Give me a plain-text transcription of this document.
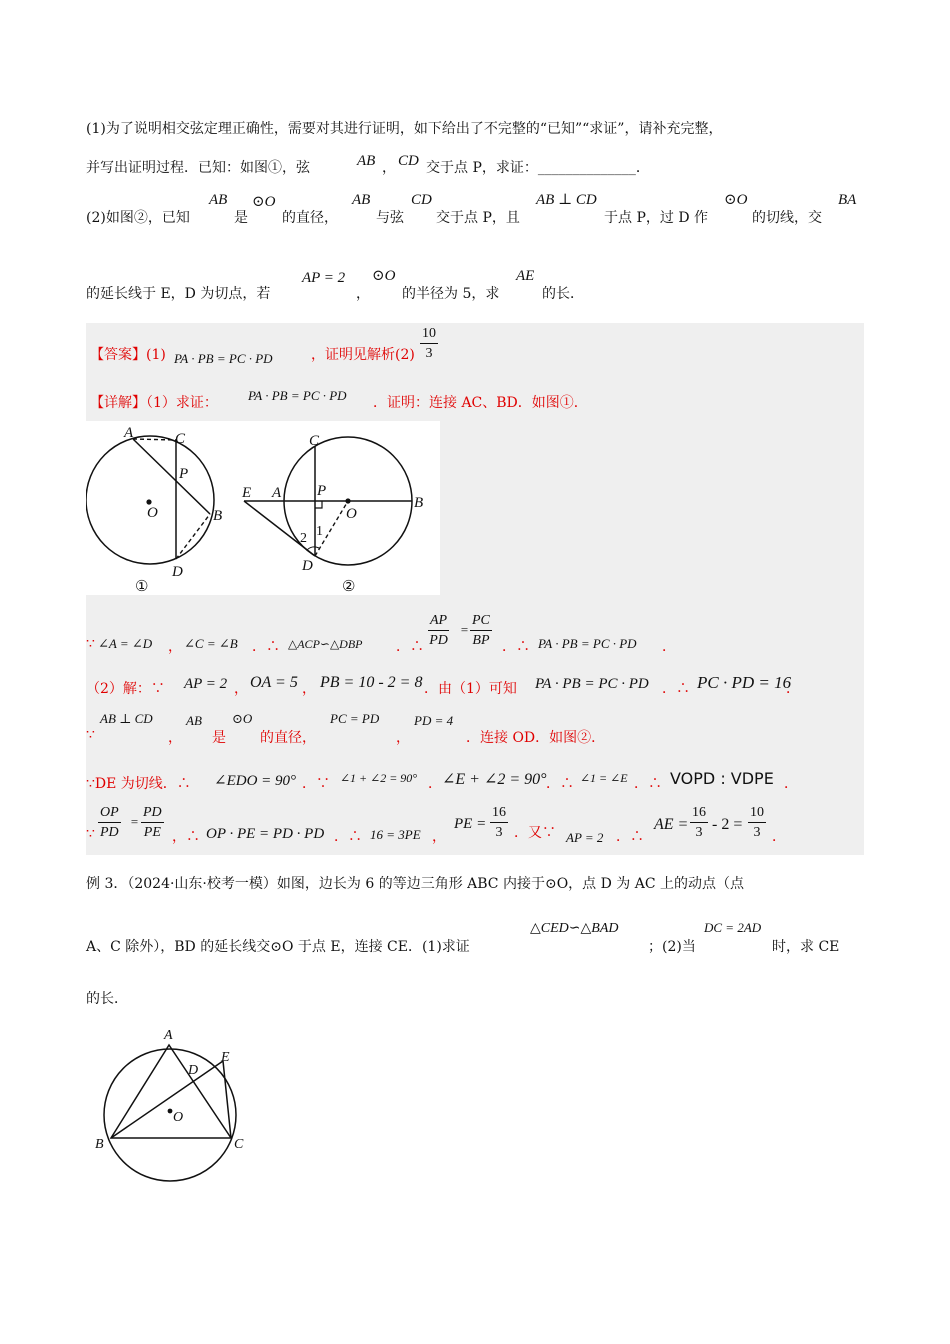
(1)为了说明相交弦定理正确性，需要对其进行证明，如下给出了不完整的“已知”“求证”，请补充完整，
并写出证明过程．已知：如图①，弦	AB ， CD 交于点 P，求证：______________．
(2)如图②，已知
AB
是
⊙O
的直径，
AB
与弦
CD
交于点 P，且
AB ⊥ CD
于点 P，过 D 作
⊙O
的切线，交
BA
的延长线于 E，D 为切点，若
AP = 2
，
⊙O
的半径为 5，求
AE
的长．
【答案】(1) PA · PB = PC · PD	，证明见解析$(2) \frac{10}{3}$
【详解】（1）求证： PA · PB = PC · PD ．证明：连接 AC、BD．如图①．
A	C
P
O	B
D
①
C
E A P
O
B
2 1
D
②
∵ ∠A = ∠D ， ∠C = ∠B ．∴ △ACP∽△DBP ．∴ $\frac{AP}{PD} = \frac{PC}{BP}$ ．∴ PA · PB = PC · PD ．
（2）解：∵ AP = 2 ， OA = 5 ， PB = 10 - 2 = 8 ．由（1）可知 PA · PB = PC · PD ．∴ PC · PD = 16
．
∵
AB ⊥ CD
，
AB
是
⊙O
的直径，
PC = PD
，
PD = 4
．连接 OD．如图②．
∵DE 为切线．∴ ∠EDO = 90° ．∵ ∠1 + ∠2 = 90° ． ∠E + ∠2 = 90° ．∴ ∠1 = ∠E ．∴ VOPD : VDPE ．
∵ $\frac{OP}{PD} = \frac{PD}{PE}$ ，∴ OP · PE = PD · PD ．∴ 16 = 3PE ，
PE = $\frac{16}{3}$ ．又∵ AP = 2 ．∴
AE = $\frac{16}{3} - 2 = \frac{10}{3}$ ．
例 3．（2024·山东·校考一模）如图，边长为 6 的等边三角形 ABC 内接于⊙O，点 D 为 AC 上的动点（点
A、C 除外），BD 的延长线交⊙O 于点 E，连接 CE．(1)求证
△CED∽△BAD
；(2)当
DC = 2AD
时，求 CE
的长．
A
D
E
O
B	C
